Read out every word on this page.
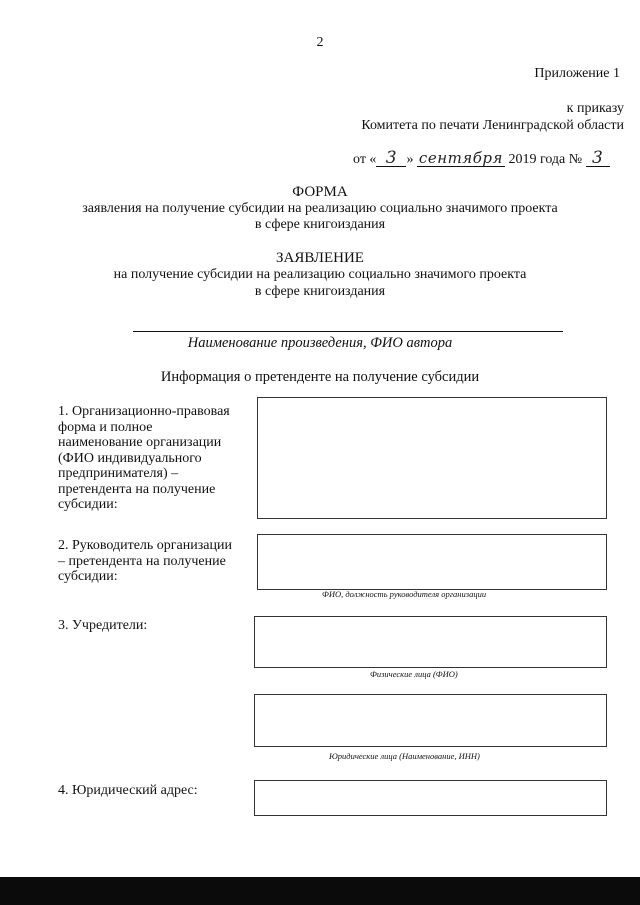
2
Приложение 1
к приказу
Комитета по печати Ленинградской области
от « 3 » сентября 2019 года № 3
ФОРМА
заявления на получение субсидии на реализацию социально значимого проекта
в сфере книгоиздания
ЗАЯВЛЕНИЕ
на получение субсидии на реализацию социально значимого проекта
в сфере книгоиздания
Наименование произведения, ФИО автора
Информация о претенденте на получение субсидии
1. Организационно-правовая
форма и полное
наименование организации
(ФИО индивидуального
предпринимателя) –
претендента на получение
субсидии:
2. Руководитель организации
– претендента на получение
субсидии:
ФИО, должность руководителя организации
3. Учредители:
Физические лица (ФИО)
Юридические лица (Наименование, ИНН)
4. Юридический адрес:
